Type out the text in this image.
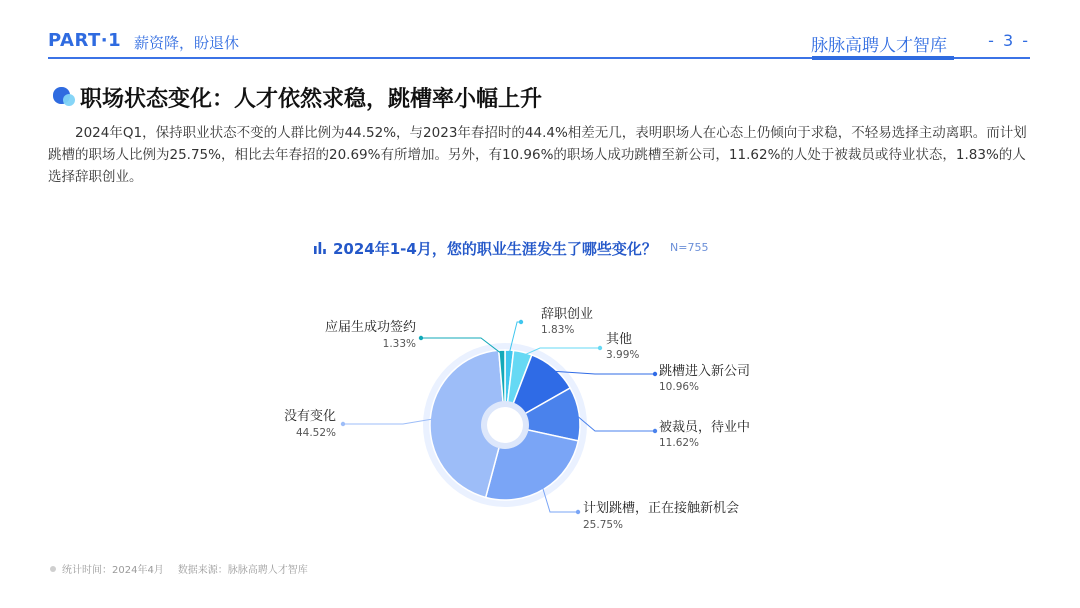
PART·1 薪资降，盼退休	脉脉高聘人才智库	- 3 -
职场状态变化：人才依然求稳，跳槽率小幅上升
2024年Q1，保持职业状态不变的人群比例为44.52%，与2023年春招时的44.4%相差无几，表明职场人在心态上仍倾向于求稳，不轻易选择主动离职。而计划跳槽的职场人比例为25.75%，相比去年春招的20.69%有所增加。另外，有10.96%的职场人成功跳槽至新公司，11.62%的人处于被裁员或待业状态，1.83%的人选择辞职创业。
2024年1-4月，您的职业生涯发生了哪些变化？ N=755
辞职创业
1.83%
其他
3.99%
跳槽进入新公司
10.96%
被裁员，待业中
11.62%
计划跳槽，正在接触新机会
25.75%
没有变化
44.52%
应届生成功签约
1.33%
统计时间：2024年4月 数据来源：脉脉高聘人才智库
